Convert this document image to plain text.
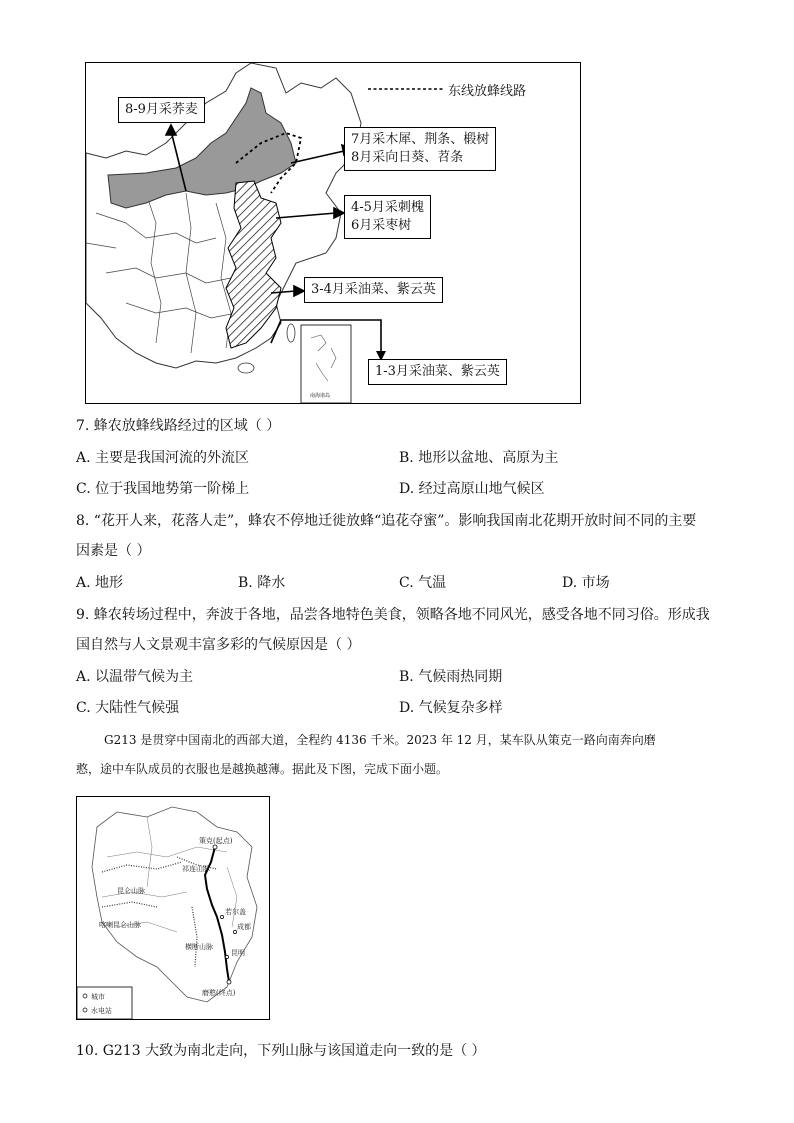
东线放蜂线路
8-9月采荞麦
7月采木犀、荆条、椴树
8月采向日葵、苕条
4-5月采刺槐
6月采枣树
3-4月采油菜、紫云英
1-3月采油菜、紫云英
南海诸岛
7. 蜂农放蜂线路经过的区域（ ）
A. 主要是我国河流的外流区	B. 地形以盆地、高原为主
C. 位于我国地势第一阶梯上	D. 经过高原山地气候区
8. “花开人来，花落人走”，蜂农不停地迁徙放蜂“追花夺蜜”。影响我国南北花期开放时间不同的主要
因素是（ ）
A. 地形	B. 降水	C. 气温	D. 市场
9. 蜂农转场过程中，奔波于各地，品尝各地特色美食，领略各地不同风光，感受各地不同习俗。形成我
国自然与人文景观丰富多彩的气候原因是（ ）
A. 以温带气候为主	B. 气候雨热同期
C. 大陆性气候强	D. 气候复杂多样
G213 是贯穿中国南北的西部大道，全程约 4136 千米。2023 年 12 月，某车队从策克一路向南奔向磨
憨，途中车队成员的衣服也是越换越薄。据此及下图，完成下面小题。
策克(起点)
祁连山脉
昆仑山脉
喀喇昆仑山脉
横断山脉
若尔盖
成都
昆明
磨憨(终点)
城市
水电站
10. G213 大致为南北走向，下列山脉与该国道走向一致的是（ ）
